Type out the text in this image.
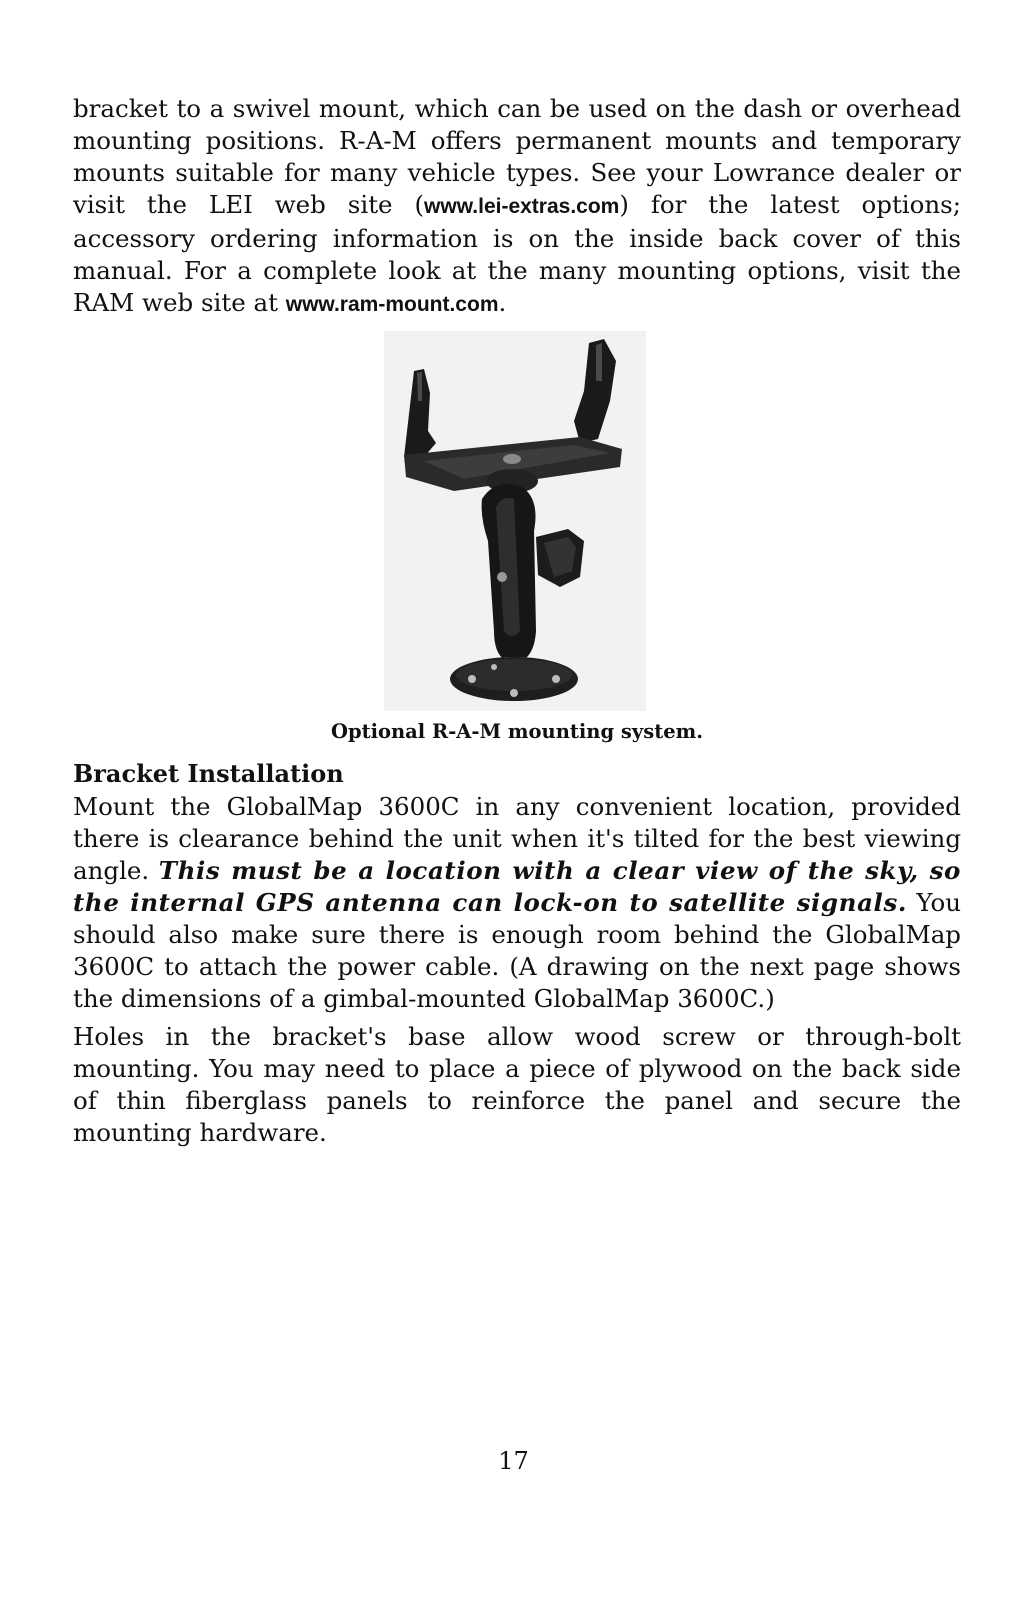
bracket to a swivel mount, which can be used on the dash or overhead mounting positions. R-A-M offers permanent mounts and temporary mounts suitable for many vehicle types. See your Lowrance dealer or visit the LEI web site (www.lei-extras.com) for the latest options; accessory ordering information is on the inside back cover of this manual. For a complete look at the many mounting options, visit the RAM web site at www.ram-mount.com.

Optional R-A-M mounting system.
Bracket Installation

Mount the GlobalMap 3600C in any convenient location, provided there is clearance behind the unit when it's tilted for the best viewing angle. This must be a location with a clear view of the sky, so the internal GPS antenna can lock-on to satellite signals. You should also make sure there is enough room behind the GlobalMap 3600C to attach the power cable. (A drawing on the next page shows the dimensions of a gimbal-mounted GlobalMap 3600C.)

Holes in the bracket's base allow wood screw or through-bolt mounting. You may need to place a piece of plywood on the back side of thin fiberglass panels to reinforce the panel and secure the mounting hardware.

17
